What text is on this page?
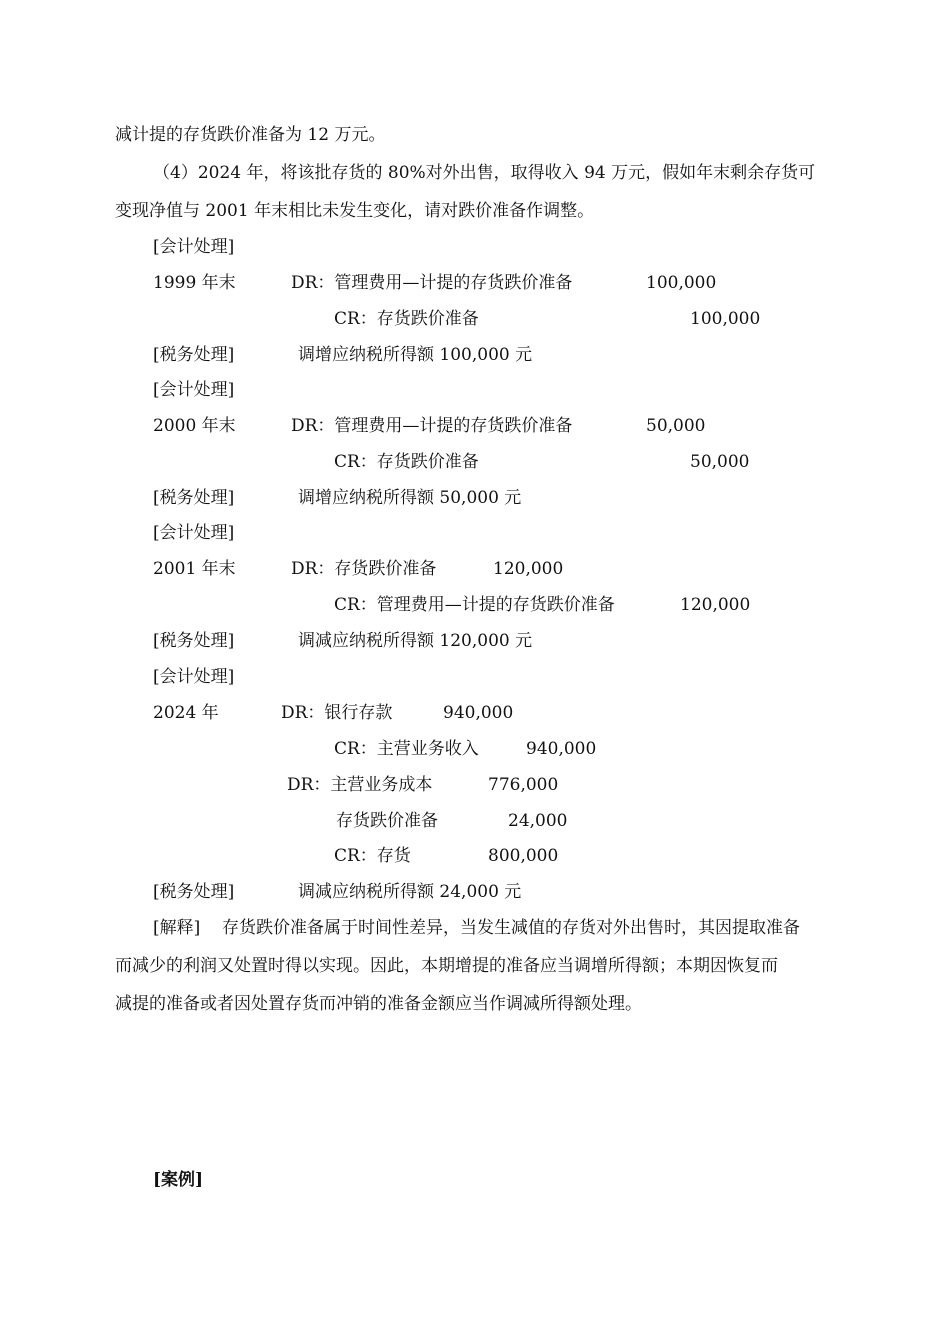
减计提的存货跌价准备为 12 万元。
（4）2024 年，将该批存货的 80%对外出售，取得收入 94 万元，假如年末剩余存货可
变现净值与 2001 年末相比未发生变化，请对跌价准备作调整。
[会计处理]
1999 年末	DR：管理费用—计提的存货跌价准备	100,000
CR：存货跌价准备	100,000
[税务处理]	调增应纳税所得额 100,000 元
[会计处理]
2000 年末	DR：管理费用—计提的存货跌价准备	50,000
CR：存货跌价准备	50,000
[税务处理]	调增应纳税所得额 50,000 元
[会计处理]
2001 年末	DR：存货跌价准备	120,000
CR：管理费用—计提的存货跌价准备	120,000
[税务处理]	调减应纳税所得额 120,000 元
[会计处理]
2024 年	DR：银行存款	940,000
CR：主营业务收入	940,000
DR：主营业务成本	776,000
存货跌价准备	24,000
CR：存货	800,000
[税务处理]	调减应纳税所得额 24,000 元
[解释] 存货跌价准备属于时间性差异，当发生减值的存货对外出售时，其因提取准备
而减少的利润又处置时得以实现。因此，本期增提的准备应当调增所得额；本期因恢复而
减提的准备或者因处置存货而冲销的准备金额应当作调减所得额处理。
[案例]
